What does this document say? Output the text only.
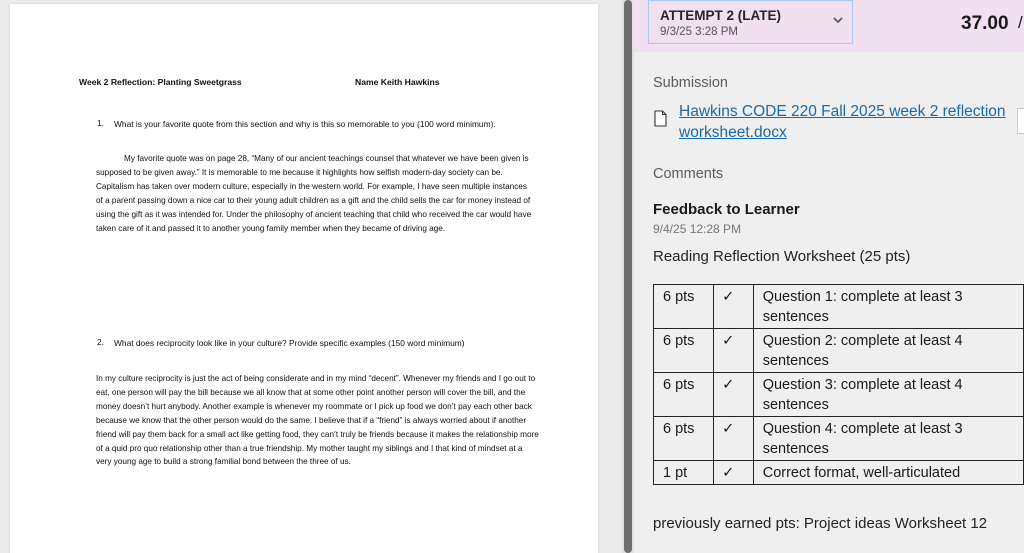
Week 2 Reflection: Planting Sweetgrass	Name Keith Hawkins
1. What is your favorite quote from this section and why is this so memorable to you (100 word minimum).
My favorite quote was on page 28, “Many of our ancient teachings counsel that whatever we have been given is supposed to be given away.” It is memorable to me because it highlights how selfish modern-day society can be. Capitalism has taken over modern culture, especially in the western world. For example, I have seen multiple instances of a parent passing down a nice car to their young adult children as a gift and the child sells the car for money instead of using the gift as it was intended for. Under the philosophy of ancient teaching that child who received the car would have taken care of it and passed it to another young family member when they became of driving age.
2. What does reciprocity look like in your culture? Provide specific examples (150 word minimum)
In my culture reciprocity is just the act of being considerate and in my mind “decent”. Whenever my friends and I go out to eat, one person will pay the bill because we all know that at some other point another person will cover the bill, and the money doesn’t hurt anybody. Another example is whenever my roommate or I pick up food we don’t pay each other back because we know that the other person would do the same. I believe that if a “friend” is always worried about if another friend will pay them back for a small act like getting food, they can’t truly be friends because it makes the relationship more of a quid pro quo relationship other than a true friendship. My mother taught my siblings and I that kind of mindset at a very young age to build a strong familial bond between the three of us.
ATTEMPT 2 (LATE)
9/3/25 3:28 PM	37.00 /
Submission
Hawkins CODE 220 Fall 2025 week 2 reflection worksheet.docx
Comments
Feedback to Learner
9/4/25 12:28 PM
Reading Reflection Worksheet (25 pts)
6 pts	✓	Question 1: complete at least 3 sentences
6 pts	✓	Question 2: complete at least 4 sentences
6 pts	✓	Question 3: complete at least 4 sentences
6 pts	✓	Question 4: complete at least 3 sentences
1 pt	✓	Correct format, well-articulated
previously earned pts: Project ideas Worksheet 12
